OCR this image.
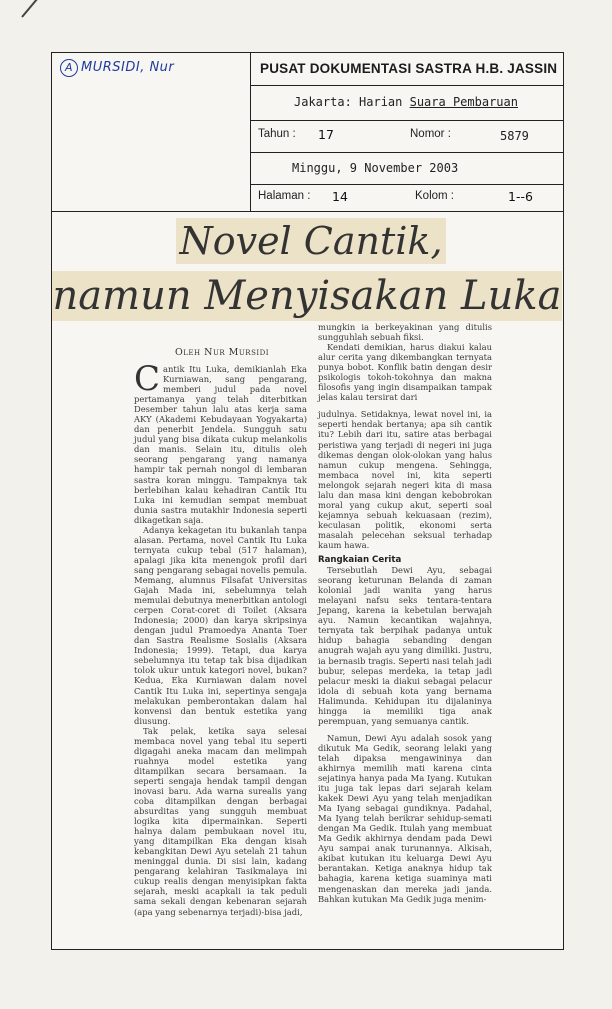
A MURSIDI, Nur	PUSAT DOKUMENTASI SASTRA H.B. JASSIN
Jakarta: Harian Suara Pembaruan
Tahun : 17	Nomor :	5879
Minggu, 9 November 2003
Halaman : 14	Kolom :	1--6
Novel Cantik,
namun Menyisakan Luka
Oleh Nur Mursidi

Cantik Itu Luka, demikianlah Eka Kurniawan, sang pengarang, memberi judul pada novel pertamanya yang telah diterbitkan Desember tahun lalu atas kerja sama AKY (Akademi Kebudayaan Yogyakarta) dan penerbit Jendela. Sungguh satu judul yang bisa dikata cukup melankolis dan manis. Selain itu, ditulis oleh seorang pengarang yang namanya hampir tak pernah nongol di lembaran sastra koran minggu. Tampaknya tak berlebihan kalau kehadiran Cantik Itu Luka ini kemudian sempat membuat dunia sastra mutakhir Indonesia seperti dikagetkan saja.

Adanya kekagetan itu bukanlah tanpa alasan. Pertama, novel Cantik Itu Luka ternyata cukup tebal (517 halaman), apalagi jika kita menengok profil dari sang pengarang sebagai novelis pemula. Memang, alumnus Filsafat Universitas Gajah Mada ini, sebelumnya telah memulai debutnya menerbitkan antologi cerpen Corat-coret di Toilet (Aksara Indonesia; 2000) dan karya skripsinya dengan judul Pramoedya Ananta Toer dan Sastra Realisme Sosialis (Aksara Indonesia; 1999). Tetapi, dua karya sebelumnya itu tetap tak bisa dijadikan tolok ukur untuk kategori novel, bukan? Kedua, Eka Kurniawan dalam novel Cantik Itu Luka ini, sepertinya sengaja melakukan pemberontakan dalam hal konvensi dan bentuk estetika yang diusung.

Tak pelak, ketika saya selesai membaca novel yang tebal itu seperti digagahi aneka macam dan melimpah ruahnya model estetika yang ditampilkan secara bersamaan. Ia seperti sengaja hendak tampil dengan inovasi baru. Ada warna surealis yang coba ditampilkan dengan berbagai absurditas yang sungguh membuat logika kita dipermainkan. Seperti halnya dalam pembukaan novel itu, yang ditampilkan Eka dengan kisah kebangkitan Dewi Ayu setelah 21 tahun meninggal dunia. Di sisi lain, kadang pengarang kelahiran Tasikmalaya ini cukup realis dengan menyisipkan fakta sejarah, meski acapkali ia tak peduli sama sekali dengan kebenaran sejarah (apa yang sebenarnya terjadi)-bisa jadi,

mungkin ia berkeyakinan yang ditulis sungguhlah sebuah fiksi.

Kendati demikian, harus diakui kalau alur cerita yang dikembangkan ternyata punya bobot. Konflik batin dengan desir psikologis tokoh-tokohnya dan makna filosofis yang ingin disampaikan tampak jelas kalau tersirat dari

judulnya. Setidaknya, lewat novel ini, ia seperti hendak bertanya; apa sih cantik itu? Lebih dari itu, satire atas berbagai peristiwa yang terjadi di negeri ini juga dikemas dengan olok-olokan yang halus namun cukup mengena. Sehingga, membaca novel ini, kita seperti melongok sejarah negeri kita di masa lalu dan masa kini dengan kebobrokan moral yang cukup akut, seperti soal kejamnya sebuah kekuasaan (rezim), keculasan politik, ekonomi serta masalah pelecehan seksual terhadap kaum hawa.

Rangkaian Cerita

Tersebutlah Dewi Ayu, sebagai seorang keturunan Belanda di zaman kolonial jadi wanita yang harus melayani nafsu seks tentara-tentara Jepang, karena ia kebetulan berwajah ayu. Namun kecantikan wajahnya, ternyata tak berpihak padanya untuk hidup bahagia sebanding dengan anugrah wajah ayu yang dimiliki. Justru, ia bernasib tragis. Seperti nasi telah jadi bubur, selepas merdeka, ia tetap jadi pelacur meski ia diakui sebagai pelacur idola di sebuah kota yang bernama Halimunda. Kehidupan itu dijalaninya hingga ia memiliki tiga anak perempuan, yang semuanya cantik.

Namun, Dewi Ayu adalah sosok yang dikutuk Ma Gedik, seorang lelaki yang telah dipaksa mengawininya dan akhirnya memilih mati karena cinta sejatinya hanya pada Ma Iyang. Kutukan itu juga tak lepas dari sejarah kelam kakek Dewi Ayu yang telah menjadikan Ma Iyang sebagai gundiknya. Padahal, Ma Iyang telah berikrar sehidup-semati dengan Ma Gedik. Itulah yang membuat Ma Gedik akhirnya dendam pada Dewi Ayu sampai anak turunannya. Alkisah, akibat kutukan itu keluarga Dewi Ayu berantakan. Ketiga anaknya hidup tak bahagia, karena ketiga suaminya mati mengenaskan dan mereka jadi janda. Bahkan kutukan Ma Gedik juga menim-
